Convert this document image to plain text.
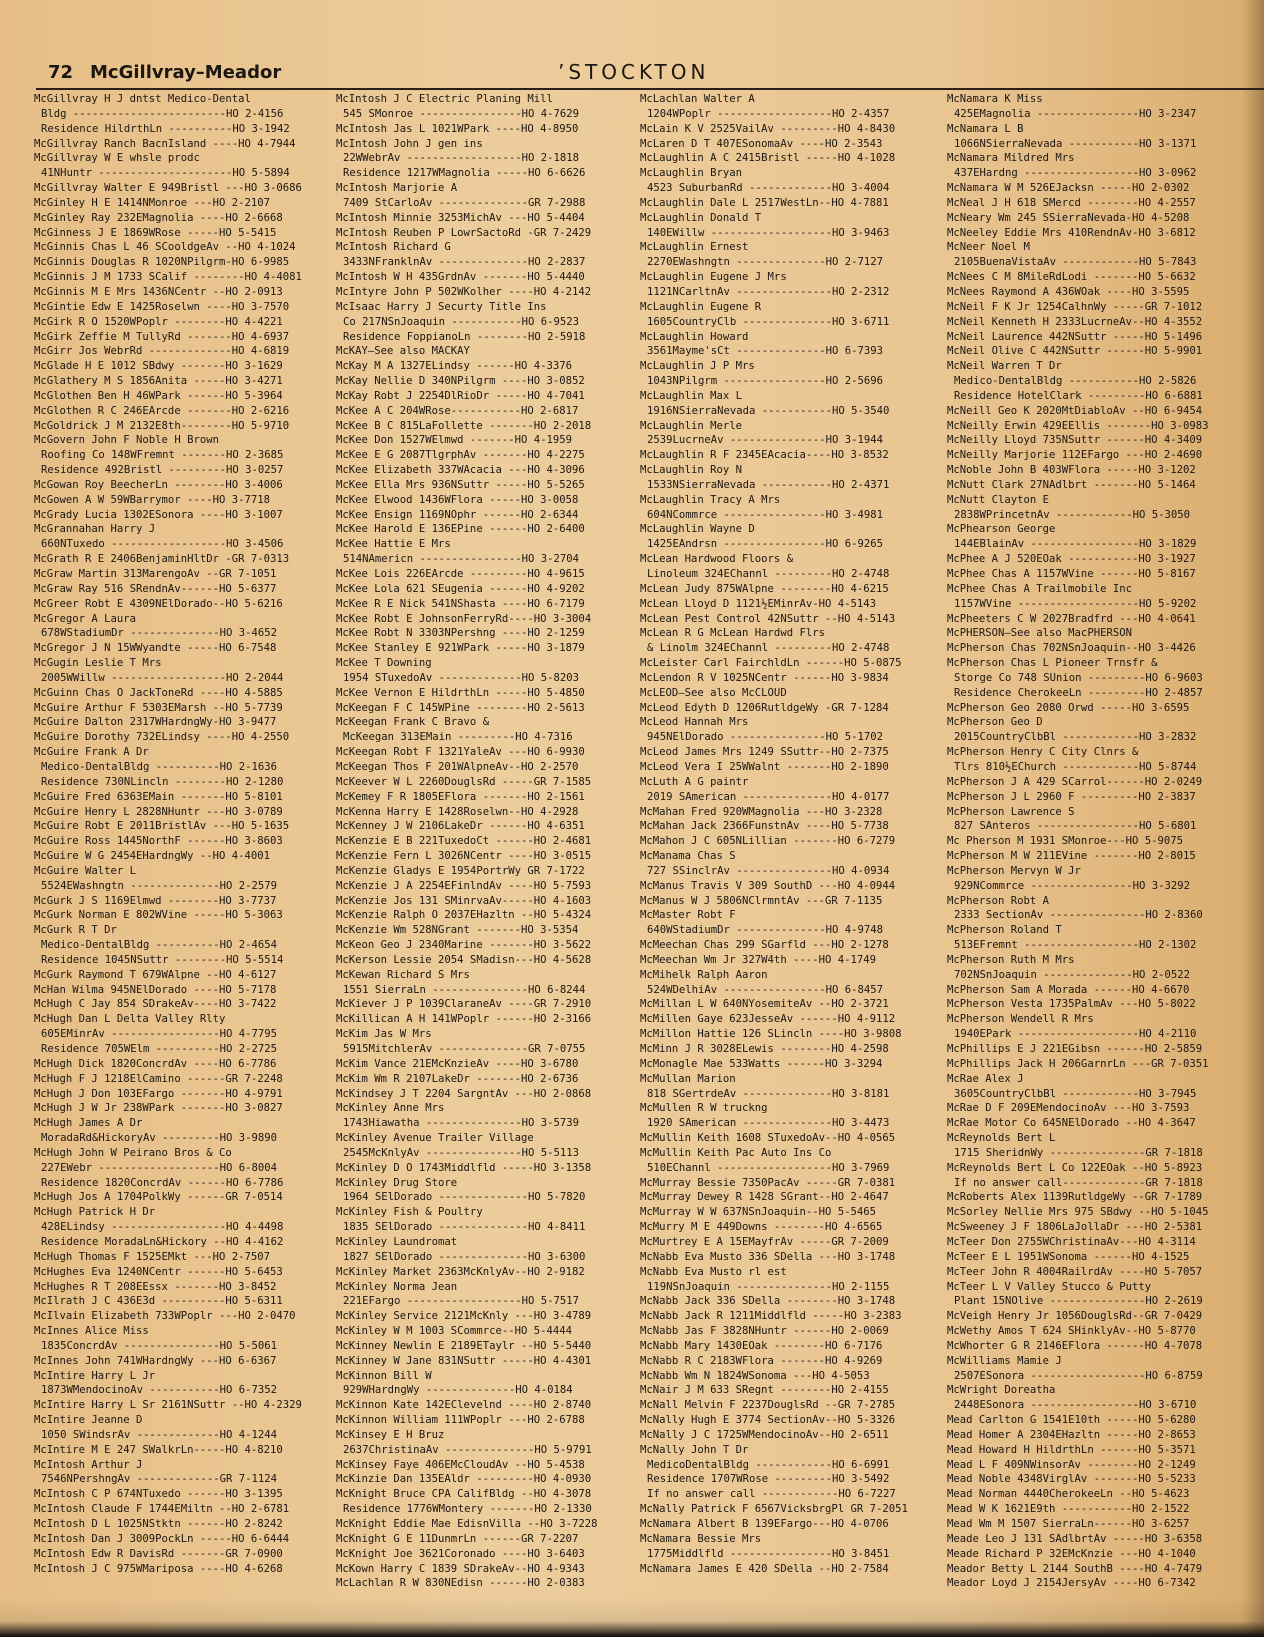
72 McGillvray–Meador	’STOCKTON
McGillvray H J dntst Medico-Dental
Bldg ------------------------HO 2-4156
Residence HildrthLn ----------HO 3-1942
McGillvray Ranch BacnIsland ----HO 4-7944
McGillvray W E whsle prodc
41NHuntr ---------------------HO 5-5894
McGillvray Walter E 949Bristl ---HO 3-0686
McGinley H E 1414NMonroe ---HO 2-2107
McGinley Ray 232EMagnolia ----HO 2-6668
McGinness J E 1869WRose -----HO 5-5415
McGinnis Chas L 46 SCooldgeAv --HO 4-1024
McGinnis Douglas R 1020NPilgrm-HO 6-9985
McGinnis J M 1733 SCalif --------HO 4-4081
McGinnis M E Mrs 1436NCentr --HO 2-0913
McGintie Edw E 1425Roselwn ----HO 3-7570
McGirk R O 1520WPoplr --------HO 4-4221
McGirk Zeffie M TullyRd -------HO 4-6937
McGirr Jos WebrRd -------------HO 4-6819
McGlade H E 1012 SBdwy -------HO 3-1629
McGlathery M S 1856Anita -----HO 3-4271
McGlothen Ben H 46WPark ------HO 5-3964
McGlothen R C 246EArcde -------HO 2-6216
McGoldrick J M 2132E8th--------HO 5-9710
McGovern John F Noble H Brown
Roofing Co 148WFremnt -------HO 2-3685
Residence 492Bristl ---------HO 3-0257
McGowan Roy BeecherLn --------HO 3-4006
McGowen A W 59WBarrymor ----HO 3-7718
McGrady Lucia 1302ESonora ----HO 3-1007
McGrannahan Harry J
660NTuxedo ------------------HO 3-4506
McGrath R E 2406BenjaminHltDr -GR 7-0313
McGraw Martin 313MarengoAv --GR 7-1051
McGraw Ray 516 SRendnAv------HO 5-6377
McGreer Robt E 4309NElDorado--HO 5-6216
McGregor A Laura
678WStadiumDr --------------HO 3-4652
McGregor J N 15WWyandte -----HO 6-7548
McGugin Leslie T Mrs
2005WWillw ------------------HO 2-2044
McGuinn Chas O JackToneRd ----HO 4-5885
McGuire Arthur F 5303EMarsh --HO 5-7739
McGuire Dalton 2317WHardngWy-HO 3-9477
McGuire Dorothy 732ELindsy ----HO 4-2550
McGuire Frank A Dr
Medico-DentalBldg ----------HO 2-1636
Residence 730NLincln --------HO 2-1280
McGuire Fred 6363EMain -------HO 5-8101
McGuire Henry L 2828NHuntr ---HO 3-0789
McGuire Robt E 2011BristlAv ---HO 5-1635
McGuire Ross 1445NorthF ------HO 3-8603
McGuire W G 2454EHardngWy --HO 4-4001
McGuire Walter L
5524EWashngtn --------------HO 2-2579
McGurk J S 1169Elmwd --------HO 3-7737
McGurk Norman E 802WVine -----HO 5-3063
McGurk R T Dr
Medico-DentalBldg ----------HO 2-4654
Residence 1045NSuttr --------HO 5-5514
McGurk Raymond T 679WAlpne --HO 4-6127
McHan Wilma 945NElDorado ----HO 5-7178
McHugh C Jay 854 SDrakeAv----HO 3-7422
McHugh Dan L Delta Valley Rlty
605EMinrAv -----------------HO 4-7795
Residence 705WElm ----------HO 2-2725
McHugh Dick 1820ConcrdAv ----HO 6-7786
McHugh F J 1218ElCamino ------GR 7-2248
McHugh J Don 103EFargo -------HO 4-9791
McHugh J W Jr 238WPark -------HO 3-0827
McHugh James A Dr
MoradaRd&HickoryAv ---------HO 3-9890
McHugh John W Peirano Bros & Co
227EWebr -------------------HO 6-8004
Residence 1820ConcrdAv ------HO 6-7786
McHugh Jos A 1704PolkWy ------GR 7-0514
McHugh Patrick H Dr
428ELindsy ------------------HO 4-4498
Residence MoradaLn&Hickory --HO 4-4162
McHugh Thomas F 1525EMkt ---HO 2-7507
McHughes Eva 1240NCentr ------HO 5-6453
McHughes R T 208EEssx -------HO 3-8452
McIlrath J C 436E3d ----------HO 5-6311
McIlvain Elizabeth 733WPoplr ---HO 2-0470
McInnes Alice Miss
1835ConcrdAv ---------------HO 5-5061
McInnes John 741WHardngWy ---HO 6-6367
McIntire Harry L Jr
1873WMendocinoAv -----------HO 6-7352
McIntire Harry L Sr 2161NSuttr --HO 4-2329
McIntire Jeanne D
1050 SWindsrAv -------------HO 4-1244
McIntire M E 247 SWalkrLn-----HO 4-8210
McIntosh Arthur J
7546NPershngAv -------------GR 7-1124
McIntosh C P 674NTuxedo ------HO 3-1395
McIntosh Claude F 1744EMiltn --HO 2-6781
McIntosh D L 1025NStktn ------HO 2-8242
McIntosh Dan J 3009PockLn -----HO 6-6444
McIntosh Edw R DavisRd -------GR 7-0900
McIntosh J C 975WMariposa ----HO 4-6268
McIntosh J C Electric Planing Mill
545 SMonroe ----------------HO 4-7629
McIntosh Jas L 1021WPark ----HO 4-8950
McIntosh John J gen ins
22WWebrAv ------------------HO 2-1818
Residence 1217WMagnolia -----HO 6-6626
McIntosh Marjorie A
7409 StCarloAv --------------GR 7-2988
McIntosh Minnie 3253MichAv ---HO 5-4404
McIntosh Reuben P LowrSactoRd -GR 7-2429
McIntosh Richard G
3433NFranklnAv --------------HO 2-2837
McIntosh W H 435GrdnAv -------HO 5-4440
McIntyre John P 502WKolher ----HO 4-2142
McIsaac Harry J Securty Title Ins
Co 217NSnJoaquin -----------HO 6-9523
Residence FoppianoLn --------HO 2-5918
McKAY—See also MACKAY
McKay M A 1327ELindsy ------HO 4-3376
McKay Nellie D 340NPilgrm ----HO 3-0852
McKay Robt J 2254DlRioDr -----HO 4-7041
McKee A C 204WRose-----------HO 2-6817
McKee B C 815LaFollette -------HO 2-2018
McKee Don 1527WElmwd -------HO 4-1959
McKee E G 2087TlgrphAv -------HO 4-2275
McKee Elizabeth 337WAcacia ---HO 4-3096
McKee Ella Mrs 936NSuttr -----HO 5-5265
McKee Elwood 1436WFlora -----HO 3-0058
McKee Ensign 1169NOphr ------HO 2-6344
McKee Harold E 136EPine ------HO 2-6400
McKee Hattie E Mrs
514NAmericn ----------------HO 3-2704
McKee Lois 226EArcde ---------HO 4-9615
McKee Lola 621 SEugenia ------HO 4-9202
McKee R E Nick 541NShasta ----HO 6-7179
McKee Robt E JohnsonFerryRd----HO 3-3004
McKee Robt N 3303NPershng ----HO 2-1259
McKee Stanley E 921WPark -----HO 3-1879
McKee T Downing
1954 STuxedoAv -------------HO 5-8203
McKee Vernon E HildrthLn -----HO 5-4850
McKeegan F C 145WPine --------HO 2-5613
McKeegan Frank C Bravo &
McKeegan 313EMain ---------HO 4-7316
McKeegan Robt F 1321YaleAv ---HO 6-9930
McKeegan Thos F 201WAlpneAv--HO 2-2570
McKeever W L 2260DouglsRd -----GR 7-1585
McKemey F R 1805EFlora -------HO 2-1561
McKenna Harry E 1428Roselwn--HO 4-2928
McKenney J W 2106LakeDr ------HO 4-6351
McKenzie E B 221TuxedoCt ------HO 2-4681
McKenzie Fern L 3026NCentr ----HO 3-0515
McKenzie Gladys E 1954PortrWy GR 7-1722
McKenzie J A 2254EFinlndAv ----HO 5-7593
McKenzie Jos 131 SMinrvaAv-----HO 4-1603
McKenzie Ralph O 2037EHazltn --HO 5-4324
McKenzie Wm 528NGrant -------HO 3-5354
McKeon Geo J 2340Marine -------HO 3-5622
McKerson Lessie 2054 SMadisn---HO 4-5628
McKewan Richard S Mrs
1551 SierraLn ---------------HO 6-8244
McKiever J P 1039ClaraneAv ----GR 7-2910
McKillican A H 141WPoplr ------HO 2-3166
McKim Jas W Mrs
5915MitchlerAv --------------GR 7-0755
McKim Vance 21EMcKnzieAv ----HO 3-6780
McKim Wm R 2107LakeDr -------HO 2-6736
McKindsey J T 2204 SargntAv ---HO 2-0868
McKinley Anne Mrs
1743Hiawatha ---------------HO 3-5739
McKinley Avenue Trailer Village
2545McKnlyAv ---------------HO 5-5113
McKinley D O 1743Middlfld -----HO 3-1358
McKinley Drug Store
1964 SElDorado --------------HO 5-7820
McKinley Fish & Poultry
1835 SElDorado --------------HO 4-8411
McKinley Laundromat
1827 SElDorado --------------HO 3-6300
McKinley Market 2363McKnlyAv--HO 2-9182
McKinley Norma Jean
221EFargo ------------------HO 5-7517
McKinley Service 2121McKnly ---HO 3-4789
McKinley W M 1003 SCommrce--HO 5-4444
McKinney Newlin E 2189ETaylr --HO 5-5440
McKinney W Jane 831NSuttr -----HO 4-4301
McKinnon Bill W
929WHardngWy --------------HO 4-0184
McKinnon Kate 142EClevelnd ----HO 2-8740
McKinnon William 111WPoplr ---HO 2-6788
McKinsey E H Bruz
2637ChristinaAv --------------HO 5-9791
McKinsey Faye 406EMcCloudAv --HO 5-4538
McKinzie Dan 135EAldr ---------HO 4-0930
McKnight Bruce CPA CalifBldg --HO 4-3078
Residence 1776WMontery -------HO 2-1330
McKnight Eddie Mae EdisnVilla --HO 3-7228
McKnight G E 11DunmrLn ------GR 7-2207
McKnight Joe 3621Coronado ----HO 3-6403
McKown Harry C 1839 SDrakeAv--HO 4-9343
McLachlan R W 830NEdisn ------HO 2-0383
McLachlan Walter A
1204WPoplr ------------------HO 2-4357
McLain K V 2525VailAv ---------HO 4-8430
McLaren D T 407ESonomaAv ----HO 2-3543
McLaughlin A C 2415Bristl -----HO 4-1028
McLaughlin Bryan
4523 SuburbanRd -------------HO 3-4004
McLaughlin Dale L 2517WestLn--HO 4-7881
McLaughlin Donald T
140EWillw -------------------HO 3-9463
McLaughlin Ernest
2270EWashngtn --------------HO 2-7127
McLaughlin Eugene J Mrs
1121NCarltnAv ---------------HO 2-2312
McLaughlin Eugene R
1605CountryClb --------------HO 3-6711
McLaughlin Howard
3561Mayme'sCt --------------HO 6-7393
McLaughlin J P Mrs
1043NPilgrm ----------------HO 2-5696
McLaughlin Max L
1916NSierraNevada -----------HO 5-3540
McLaughlin Merle
2539LucrneAv ---------------HO 3-1944
McLaughlin R F 2345EAcacia----HO 3-8532
McLaughlin Roy N
1533NSierraNevada -----------HO 2-4371
McLaughlin Tracy A Mrs
604NCommrce ----------------HO 3-4981
McLaughlin Wayne D
1425EAndrsn ----------------HO 6-9265
McLean Hardwood Floors &
Linoleum 324EChannl ---------HO 2-4748
McLean Judy 875WAlpne --------HO 4-6215
McLean Lloyd D 1121½EMinrAv-HO 4-5143
McLean Pest Control 42NSuttr --HO 4-5143
McLean R G McLean Hardwd Flrs
& Linolm 324EChannl ---------HO 2-4748
McLeister Carl FairchldLn ------HO 5-0875
McLendon R V 1025NCentr ------HO 3-9834
McLEOD—See also McCLOUD
McLeod Edyth D 1206RutldgeWy -GR 7-1284
McLeod Hannah Mrs
945NElDorado ---------------HO 5-1702
McLeod James Mrs 1249 SSuttr--HO 2-7375
McLeod Vera I 25WWalnt -------HO 2-1890
McLuth A G paintr
2019 SAmerican --------------HO 4-0177
McMahan Fred 920WMagnolia ---HO 3-2328
McMahan Jack 2366FunstnAv ----HO 5-7738
McMahon J C 605NLillian -------HO 6-7279
McManama Chas S
727 SSinclrAv ---------------HO 4-0934
McManus Travis V 309 SouthD ---HO 4-0944
McManus W J 5806NClrmntAv ---GR 7-1135
McMaster Robt F
640WStadiumDr --------------HO 4-9748
McMeechan Chas 299 SGarfld ---HO 2-1278
McMeechan Wm Jr 327W4th ----HO 4-1749
McMihelk Ralph Aaron
524WDelhiAv ----------------HO 6-8457
McMillan L W 640NYosemiteAv --HO 2-3721
McMillen Gaye 623JesseAv ------HO 4-9112
McMillon Hattie 126 SLincln ----HO 3-9808
McMinn J R 3028ELewis --------HO 4-2598
McMonagle Mae 533Watts ------HO 3-3294
McMullan Marion
818 SGertrdeAv --------------HO 3-8181
McMullen R W truckng
1920 SAmerican --------------HO 3-4473
McMullin Keith 1608 STuxedoAv--HO 4-0565
McMullin Keith Pac Auto Ins Co
510EChannl ------------------HO 3-7969
McMurray Bessie 7350PacAv -----GR 7-0381
McMurray Dewey R 1428 SGrant--HO 2-4647
McMurray W W 637NSnJoaquin--HO 5-5465
McMurry M E 449Downs --------HO 4-6565
McMurtrey E A 15EMayfrAv -----GR 7-2009
McNabb Eva Musto 336 SDella ---HO 3-1748
McNabb Eva Musto rl est
119NSnJoaquin ---------------HO 2-1155
McNabb Jack 336 SDella --------HO 3-1748
McNabb Jack R 1211Middlfld -----HO 3-2383
McNabb Jas F 3828NHuntr ------HO 2-0069
McNabb Mary 1430EOak --------HO 6-7176
McNabb R C 2183WFlora -------HO 4-9269
McNabb Wm N 1824WSonoma ---HO 4-5053
McNair J M 633 SRegnt --------HO 2-4155
McNall Melvin F 2237DouglsRd --GR 7-2785
McNally Hugh E 3774 SectionAv--HO 5-3326
McNally J C 1725WMendocinoAv--HO 2-6511
McNally John T Dr
MedicoDentalBldg ------------HO 6-6991
Residence 1707WRose ---------HO 3-5492
If no answer call ------------HO 6-7227
McNally Patrick F 6567VicksbrgPl GR 7-2051
McNamara Albert B 139EFargo---HO 4-0706
McNamara Bessie Mrs
1775Middlfld ----------------HO 3-8451
McNamara James E 420 SDella --HO 2-7584
McNamara K Miss
425EMagnolia ----------------HO 3-2347
McNamara L B
1066NSierraNevada -----------HO 3-1371
McNamara Mildred Mrs
437EHardng ------------------HO 3-0962
McNamara W M 526EJacksn -----HO 2-0302
McNeal J H 618 SMercd --------HO 4-2557
McNeary Wm 245 SSierraNevada-HO 4-5208
McNeeley Eddie Mrs 410RendnAv-HO 3-6812
McNeer Noel M
2105BuenaVistaAv ------------HO 5-7843
McNees C M 8MileRdLodi -------HO 5-6632
McNees Raymond A 436WOak ----HO 3-5595
McNeil F K Jr 1254CalhnWy -----GR 7-1012
McNeil Kenneth H 2333LucrneAv--HO 4-3552
McNeil Laurence 442NSuttr -----HO 5-1496
McNeil Olive C 442NSuttr ------HO 5-9901
McNeil Warren T Dr
Medico-DentalBldg -----------HO 2-5826
Residence HotelClark ---------HO 6-6881
McNeill Geo K 2020MtDiabloAv --HO 6-9454
McNeilly Erwin 429EEllis -------HO 3-0983
McNeilly Lloyd 735NSuttr ------HO 4-3409
McNeilly Marjorie 112EFargo ---HO 2-4690
McNoble John B 403WFlora -----HO 3-1202
McNutt Clark 27NAdlbrt -------HO 5-1464
McNutt Clayton E
2838WPrincetnAv ------------HO 5-3050
McPhearson George
144EBlainAv -----------------HO 3-1829
McPhee A J 520EOak -----------HO 3-1927
McPhee Chas A 1157WVine ------HO 5-8167
McPhee Chas A Trailmobile Inc
1157WVine -------------------HO 5-9202
McPheeters C W 2027Bradfrd ---HO 4-0641
McPHERSON—See also MacPHERSON
McPherson Chas 702NSnJoaquin--HO 3-4426
McPherson Chas L Pioneer Trnsfr &
Storge Co 748 SUnion ---------HO 6-9603
Residence CherokeeLn ---------HO 2-4857
McPherson Geo 2080 Orwd -----HO 3-6595
McPherson Geo D
2015CountryClbBl ------------HO 3-2832
McPherson Henry C City Clnrs &
Tlrs 810½EChurch ------------HO 5-8744
McPherson J A 429 SCarrol------HO 2-0249
McPherson J L 2960 F ---------HO 2-3837
McPherson Lawrence S
827 SAnteros ----------------HO 5-6801
Mc Pherson M 1931 SMonroe---HO 5-9075
McPherson M W 211EVine -------HO 2-8015
McPherson Mervyn W Jr
929NCommrce ----------------HO 3-3292
McPherson Robt A
2333 SectionAv ---------------HO 2-8360
McPherson Roland T
513EFremnt ------------------HO 2-1302
McPherson Ruth M Mrs
702NSnJoaquin --------------HO 2-0522
McPherson Sam A Morada ------HO 4-6670
McPherson Vesta 1735PalmAv ---HO 5-8022
McPherson Wendell R Mrs
1940EPark -------------------HO 4-2110
McPhillips E J 221EGibsn ------HO 2-5859
McPhillips Jack H 206GarnrLn ---GR 7-0351
McRae Alex J
3605CountryClbBl ------------HO 3-7945
McRae D F 209EMendocinoAv ---HO 3-7593
McRae Motor Co 645NElDorado --HO 4-3647
McReynolds Bert L
1715 SheridnWy ---------------GR 7-1818
McReynolds Bert L Co 122EOak --HO 5-8923
If no answer call-------------GR 7-1818
McRoberts Alex 1139RutldgeWy --GR 7-1789
McSorley Nellie Mrs 975 SBdwy --HO 5-1045
McSweeney J F 1806LaJollaDr ---HO 2-5381
McTeer Don 2755WChristinaAv---HO 4-3114
McTeer E L 1951WSonoma ------HO 4-1525
McTeer John R 4004RailrdAv ----HO 5-7057
McTeer L V Valley Stucco & Putty
Plant 15NOlive ---------------HO 2-2619
McVeigh Henry Jr 1056DouglsRd--GR 7-0429
McWethy Amos T 624 SHinklyAv--HO 5-8770
McWhorter G R 2146EFlora ------HO 4-7078
McWilliams Mamie J
2507ESonora ------------------HO 6-8759
McWright Doreatha
2448ESonora -----------------HO 3-6710
Mead Carlton G 1541E10th -----HO 5-6280
Mead Homer A 2304EHazltn -----HO 2-8653
Mead Howard H HildrthLn ------HO 5-3571
Mead L F 409NWinsorAv --------HO 2-1249
Mead Noble 4348VirglAv -------HO 5-5233
Mead Norman 4440CherokeeLn --HO 5-4623
Mead W K 1621E9th -----------HO 2-1522
Mead Wm M 1507 SierraLn------HO 3-6257
Meade Leo J 131 SAdlbrtAv -----HO 3-6358
Meade Richard P 32EMcKnzie ---HO 4-1040
Meador Betty L 2144 SouthB ----HO 4-7479
Meador Loyd J 2154JersyAv ----HO 6-7342
